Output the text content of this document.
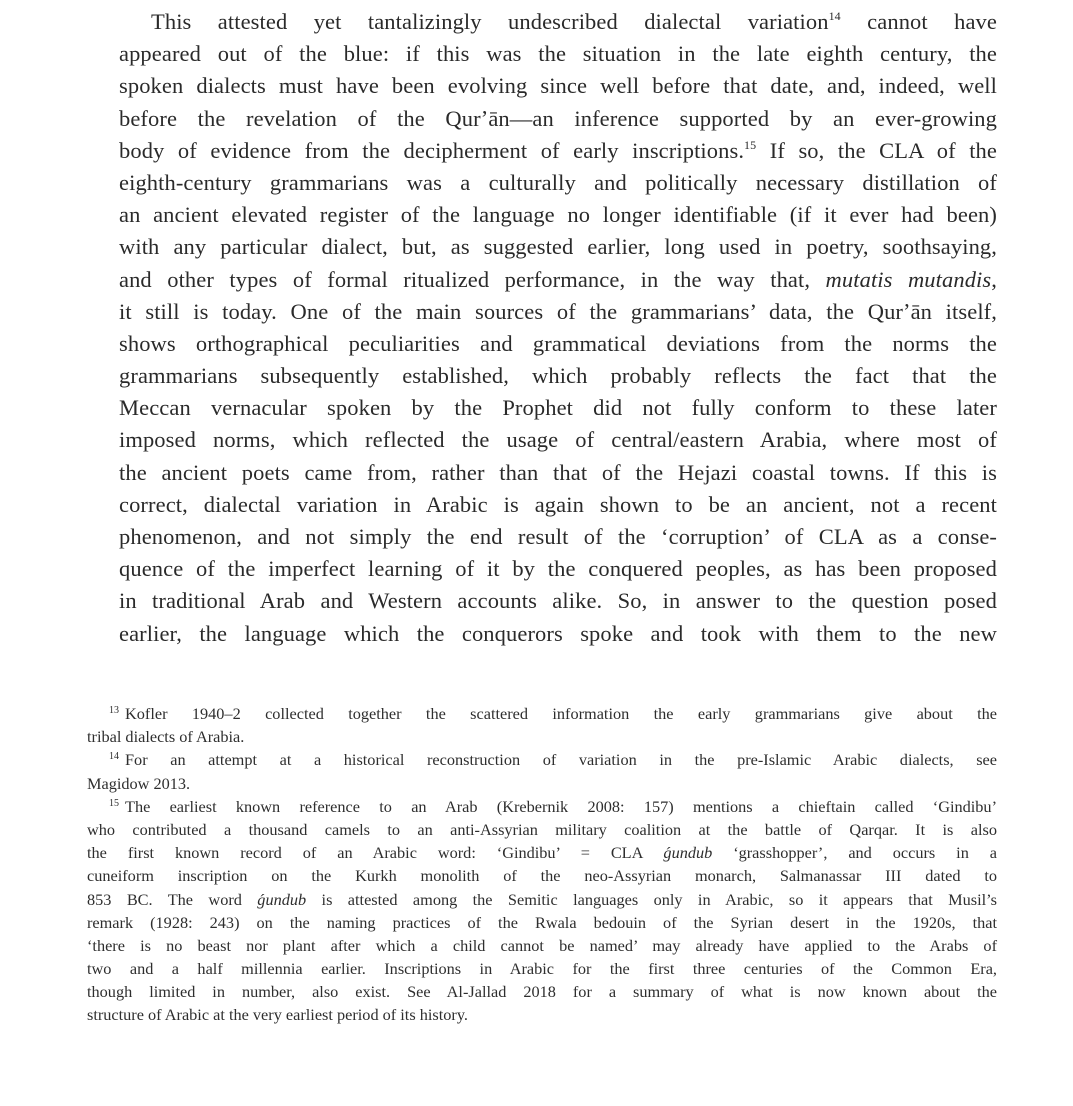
This attested yet tantalizingly undescribed dialectal variation$^{14}$ cannot have
appeared out of the blue: if this was the situation in the late eighth century, the
spoken dialects must have been evolving since well before that date, and, indeed, well
before the revelation of the Qurʼān—an inference supported by an ever-growing
body of evidence from the decipherment of early inscriptions.$^{15}$ If so, the CLA of the
eighth-century grammarians was a culturally and politically necessary distillation of
an ancient elevated register of the language no longer identifiable (if it ever had been)
with any particular dialect, but, as suggested earlier, long used in poetry, soothsaying,
and other types of formal ritualized performance, in the way that, mutatis mutandis,
it still is today. One of the main sources of the grammarians’ data, the Qurʼān itself,
shows orthographical peculiarities and grammatical deviations from the norms the
grammarians subsequently established, which probably reflects the fact that the
Meccan vernacular spoken by the Prophet did not fully conform to these later
imposed norms, which reflected the usage of central/eastern Arabia, where most of
the ancient poets came from, rather than that of the Hejazi coastal towns. If this is
correct, dialectal variation in Arabic is again shown to be an ancient, not a recent
phenomenon, and not simply the end result of the ‘corruption’ of CLA as a conse-
quence of the imperfect learning of it by the conquered peoples, as has been proposed
in traditional Arab and Western accounts alike. So, in answer to the question posed
earlier, the language which the conquerors spoke and took with them to the new
$^{13}$ Kofler 1940–2 collected together the scattered information the early grammarians give about the
tribal dialects of Arabia.
$^{14}$ For an attempt at a historical reconstruction of variation in the pre-Islamic Arabic dialects, see
Magidow 2013.
$^{15}$ The earliest known reference to an Arab (Krebernik 2008: 157) mentions a chieftain called ‘Gindibu’
who contributed a thousand camels to an anti-Assyrian military coalition at the battle of Qarqar. It is also
the first known record of an Arabic word: ‘Gindibu’ = CLA ǵundub ‘grasshopper’, and occurs in a
cuneiform inscription on the Kurkh monolith of the neo-Assyrian monarch, Salmanassar III dated to
853 BC. The word ǵundub is attested among the Semitic languages only in Arabic, so it appears that Musil’s
remark (1928: 243) on the naming practices of the Rwala bedouin of the Syrian desert in the 1920s, that
‘there is no beast nor plant after which a child cannot be named’ may already have applied to the Arabs of
two and a half millennia earlier. Inscriptions in Arabic for the first three centuries of the Common Era,
though limited in number, also exist. See Al-Jallad 2018 for a summary of what is now known about the
structure of Arabic at the very earliest period of its history.
